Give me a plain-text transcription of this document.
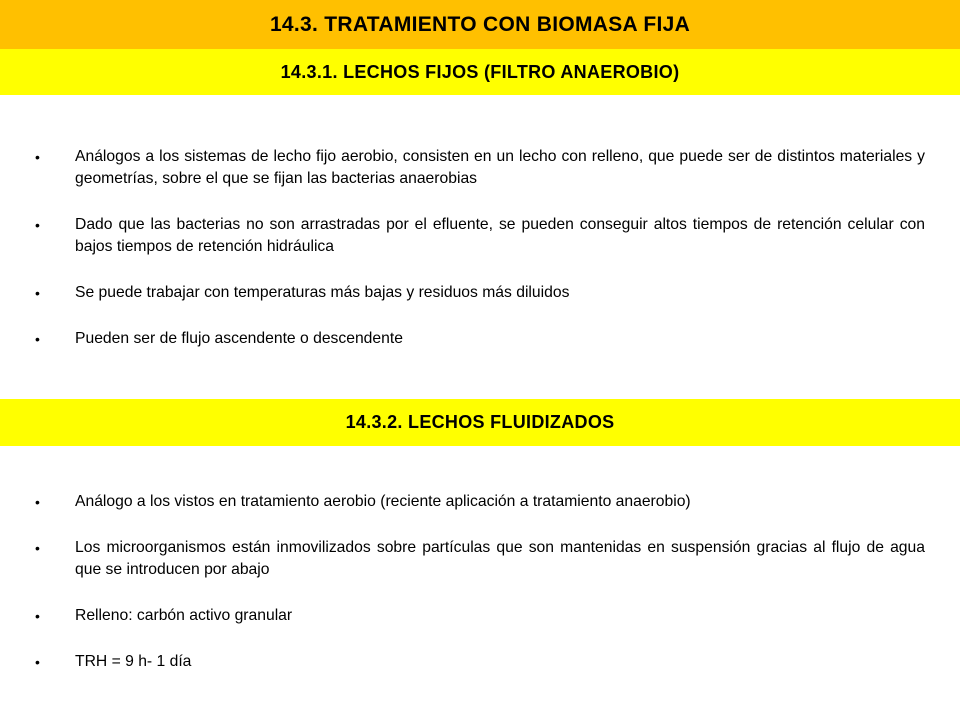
14.3. TRATAMIENTO CON BIOMASA FIJA
14.3.1. LECHOS FIJOS (FILTRO ANAEROBIO)
• Análogos a los sistemas de lecho fijo aerobio, consisten en un lecho con relleno, que puede ser de distintos materiales y geometrías, sobre el que se fijan las bacterias anaerobias
• Dado que las bacterias no son arrastradas por el efluente, se pueden conseguir altos tiempos de retención celular con bajos tiempos de retención hidráulica
• Se puede trabajar con temperaturas más bajas y residuos más diluidos
• Pueden ser de flujo ascendente o descendente
14.3.2. LECHOS FLUIDIZADOS
• Análogo a los vistos en tratamiento aerobio (reciente aplicación a tratamiento anaerobio)
• Los microorganismos están inmovilizados sobre partículas que son mantenidas en suspensión gracias al flujo de agua que se introducen por abajo
• Relleno: carbón activo granular
• TRH = 9 h- 1 día
